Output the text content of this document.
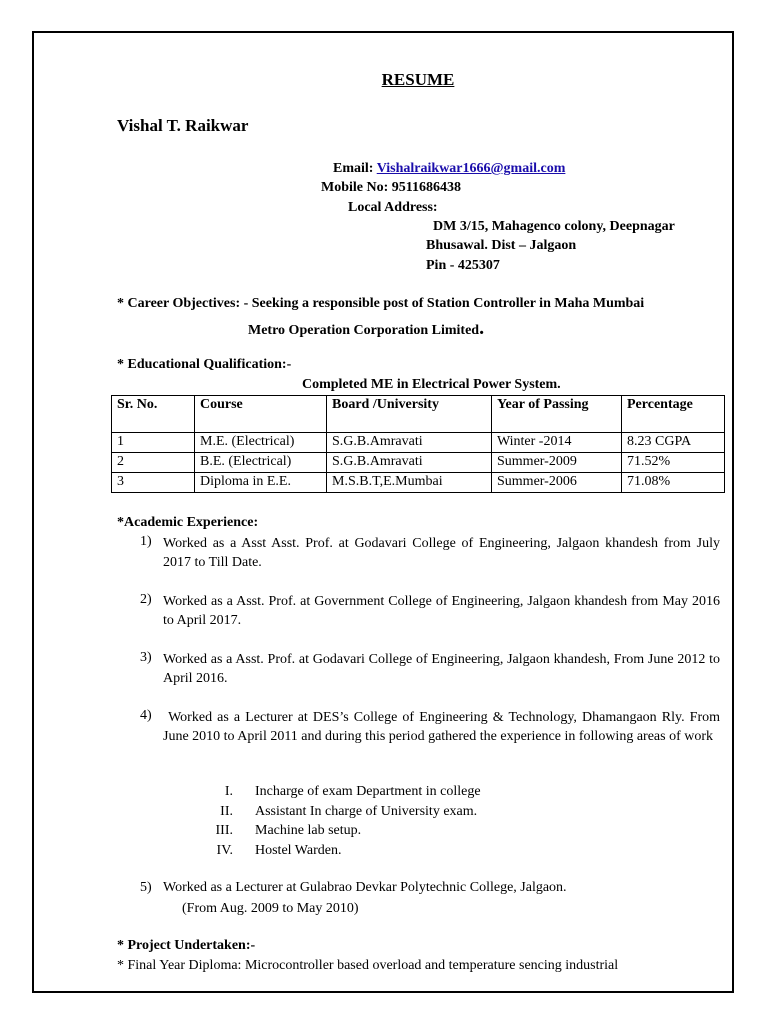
RESUME
Vishal T. Raikwar
Email: Vishalraikwar1666@gmail.com
Mobile No: 9511686438
Local Address:
DM 3/15, Mahagenco colony, Deepnagar
Bhusawal. Dist – Jalgaon
Pin - 425307
* Career Objectives: - Seeking a responsible post of Station Controller in Maha Mumbai
Metro Operation Corporation Limited.
* Educational Qualification:-
Completed ME in Electrical Power System.
Sr. No.	Course	Board /University	Year of Passing	Percentage
1	M.E. (Electrical)	S.G.B.Amravati	Winter -2014	8.23 CGPA
2	B.E. (Electrical)	S.G.B.Amravati	Summer-2009	71.52%
3	Diploma in E.E.	M.S.B.T,E.Mumbai	Summer-2006	71.08%
*Academic Experience:
1) Worked as a Asst Asst. Prof. at Godavari College of Engineering, Jalgaon khandesh from July 2017 to Till Date.
2) Worked as a Asst. Prof. at Government College of Engineering, Jalgaon khandesh from May 2016 to April 2017.
3) Worked as a Asst. Prof. at Godavari College of Engineering, Jalgaon khandesh, From June 2012 to April 2016.
4) Worked as a Lecturer at DES’s College of Engineering & Technology, Dhamangaon Rly. From June 2010 to April 2011 and during this period gathered the experience in following areas of work
I. Incharge of exam Department in college
II. Assistant In charge of University exam.
III. Machine lab setup.
IV. Hostel Warden.
5) Worked as a Lecturer at Gulabrao Devkar Polytechnic College, Jalgaon.
(From Aug. 2009 to May 2010)
* Project Undertaken:-
* Final Year Diploma: Microcontroller based overload and temperature sencing industrial
